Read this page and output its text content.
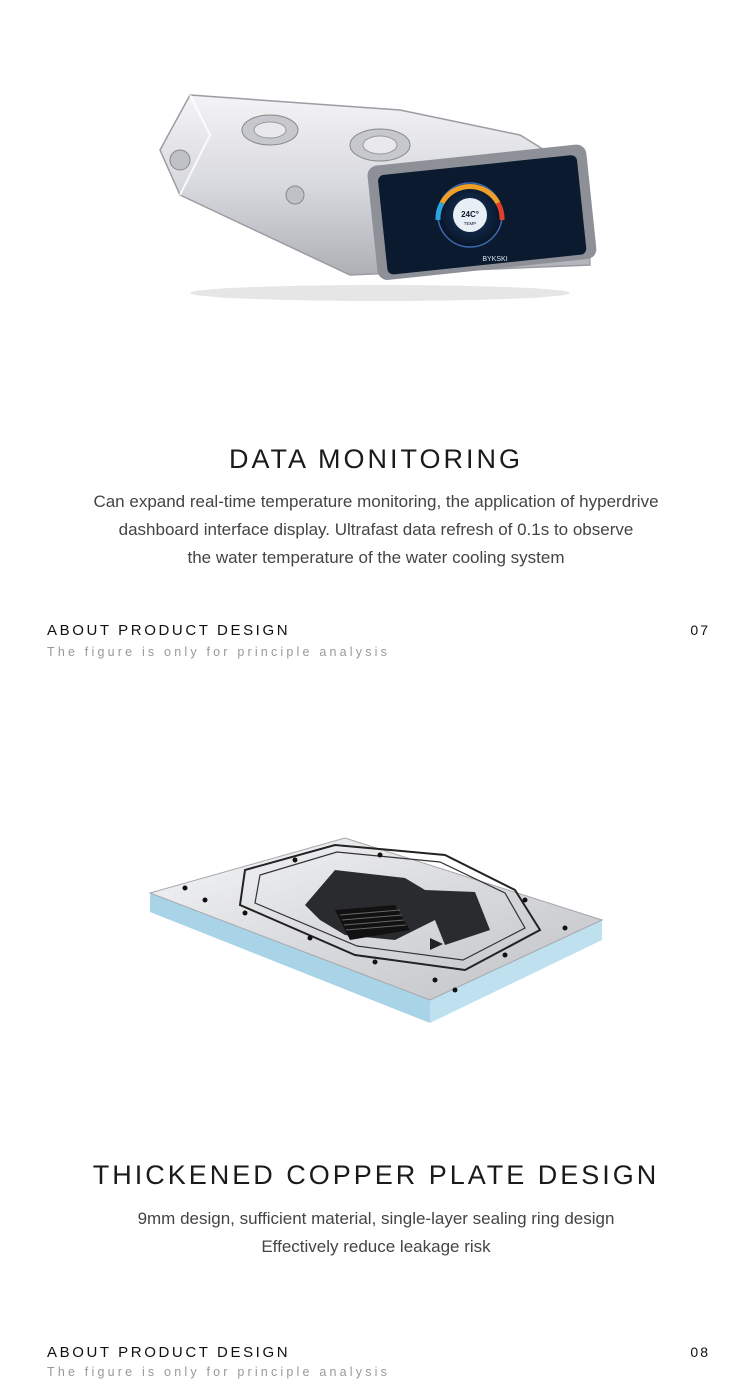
24C°
TEMP
BYKSKI
DATA MONITORING
Can expand real-time temperature monitoring, the application of hyperdrive
dashboard interface display. Ultrafast data refresh of 0.1s to observe
the water temperature of the water cooling system
ABOUT PRODUCT DESIGN
The figure is only for principle analysis
07
THICKENED COPPER PLATE DESIGN
9mm design, sufficient material, single-layer sealing ring design
Effectively reduce leakage risk
ABOUT PRODUCT DESIGN
The figure is only for principle analysis
08
